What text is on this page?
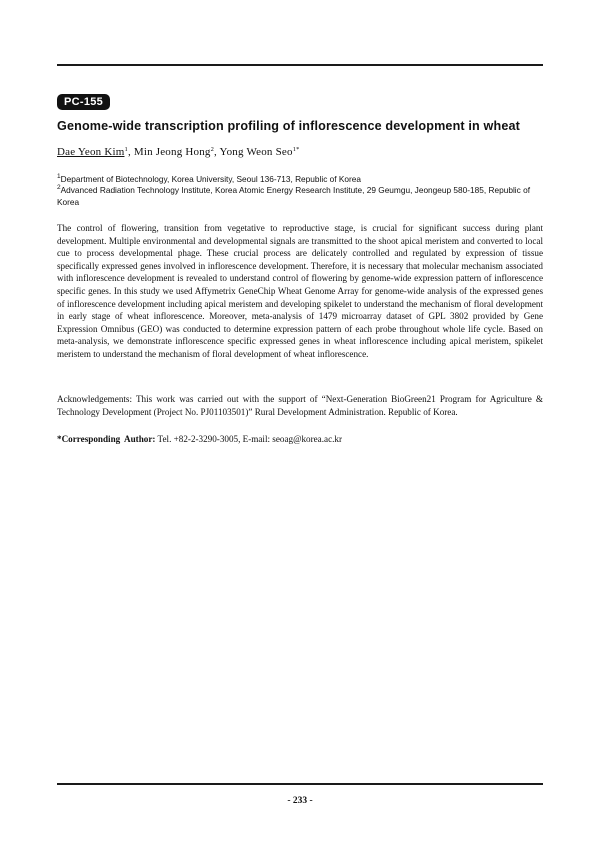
PC-155
Genome-wide transcription profiling of inflorescence development in wheat
Dae Yeon Kim$^1$, Min Jeong Hong$^2$, Yong Weon Seo$^{1*}$
$^1$Department of Biotechnology, Korea University, Seoul 136-713, Republic of Korea
$^2$Advanced Radiation Technology Institute, Korea Atomic Energy Research Institute, 29 Geumgu, Jeongeup 580-185, Republic of Korea
The control of flowering, transition from vegetative to reproductive stage, is crucial for significant success during plant development. Multiple environmental and developmental signals are transmitted to the shoot apical meristem and converted to local cue to process developmental phage. These crucial process are delicately controlled and regulated by expression of tissue specifically expressed genes involved in inflorescence development. Therefore, it is necessary that molecular mechanism associated with inflorescence development is revealed to understand control of flowering by genome-wide expression pattern of inflorescence specific genes. In this study we used Affymetrix GeneChip Wheat Genome Array for genome-wide analysis of the expressed genes of inflorescence development including apical meristem and developing spikelet to understand the mechanism of floral development in early stage of wheat inflorescence. Moreover, meta-analysis of 1479 microarray dataset of GPL 3802 provided by Gene Expression Omnibus (GEO) was conducted to determine expression pattern of each probe throughout whole life cycle. Based on meta-analysis, we demonstrate inflorescence specific expressed genes in wheat inflorescence including apical meristem, spikelet meristem to understand the mechanism of floral development of wheat inflorescence.
Acknowledgements: This work was carried out with the support of “Next-Generation BioGreen21 Program for Agriculture & Technology Development (Project No. PJ01103501)” Rural Development Administration. Republic of Korea.
*Corresponding Author: Tel. +82-2-3290-3005, E-mail: seoag@korea.ac.kr
- 233 -
